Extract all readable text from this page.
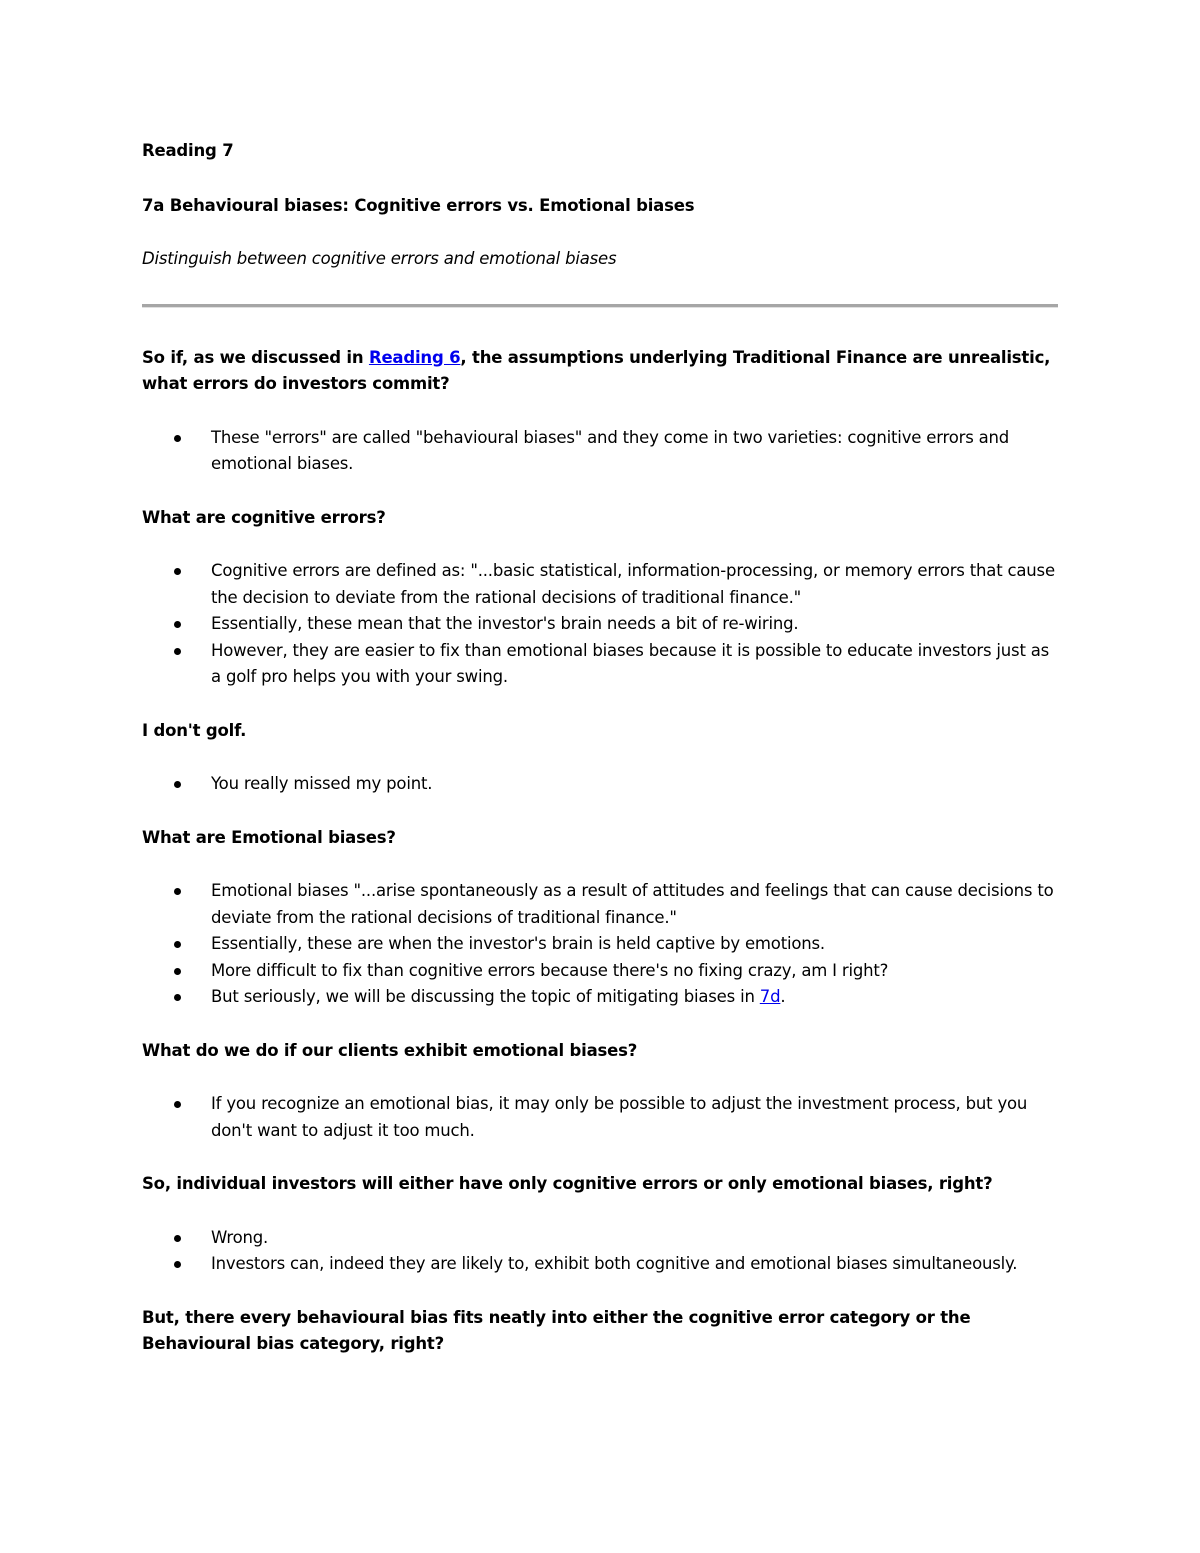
Reading 7

7a Behavioural biases: Cognitive errors vs. Emotional biases

Distinguish between cognitive errors and emotional biases

So if, as we discussed in Reading 6, the assumptions underlying Traditional Finance are unrealistic, what errors do investors commit?

These "errors" are called "behavioural biases" and they come in two varieties: cognitive errors and emotional biases.

What are cognitive errors?

Cognitive errors are defined as: "...basic statistical, information-processing, or memory errors that cause the decision to deviate from the rational decisions of traditional finance."
Essentially, these mean that the investor's brain needs a bit of re-wiring.
However, they are easier to fix than emotional biases because it is possible to educate investors just as a golf pro helps you with your swing.

I don't golf.

You really missed my point.

What are Emotional biases?

Emotional biases "...arise spontaneously as a result of attitudes and feelings that can cause decisions to deviate from the rational decisions of traditional finance."
Essentially, these are when the investor's brain is held captive by emotions.
More difficult to fix than cognitive errors because there's no fixing crazy, am I right?
But seriously, we will be discussing the topic of mitigating biases in 7d.

What do we do if our clients exhibit emotional biases?

If you recognize an emotional bias, it may only be possible to adjust the investment process, but you don't want to adjust it too much.

So, individual investors will either have only cognitive errors or only emotional biases, right?

Wrong.
Investors can, indeed they are likely to, exhibit both cognitive and emotional biases simultaneously.

But, there every behavioural bias fits neatly into either the cognitive error category or the Behavioural bias category, right?
